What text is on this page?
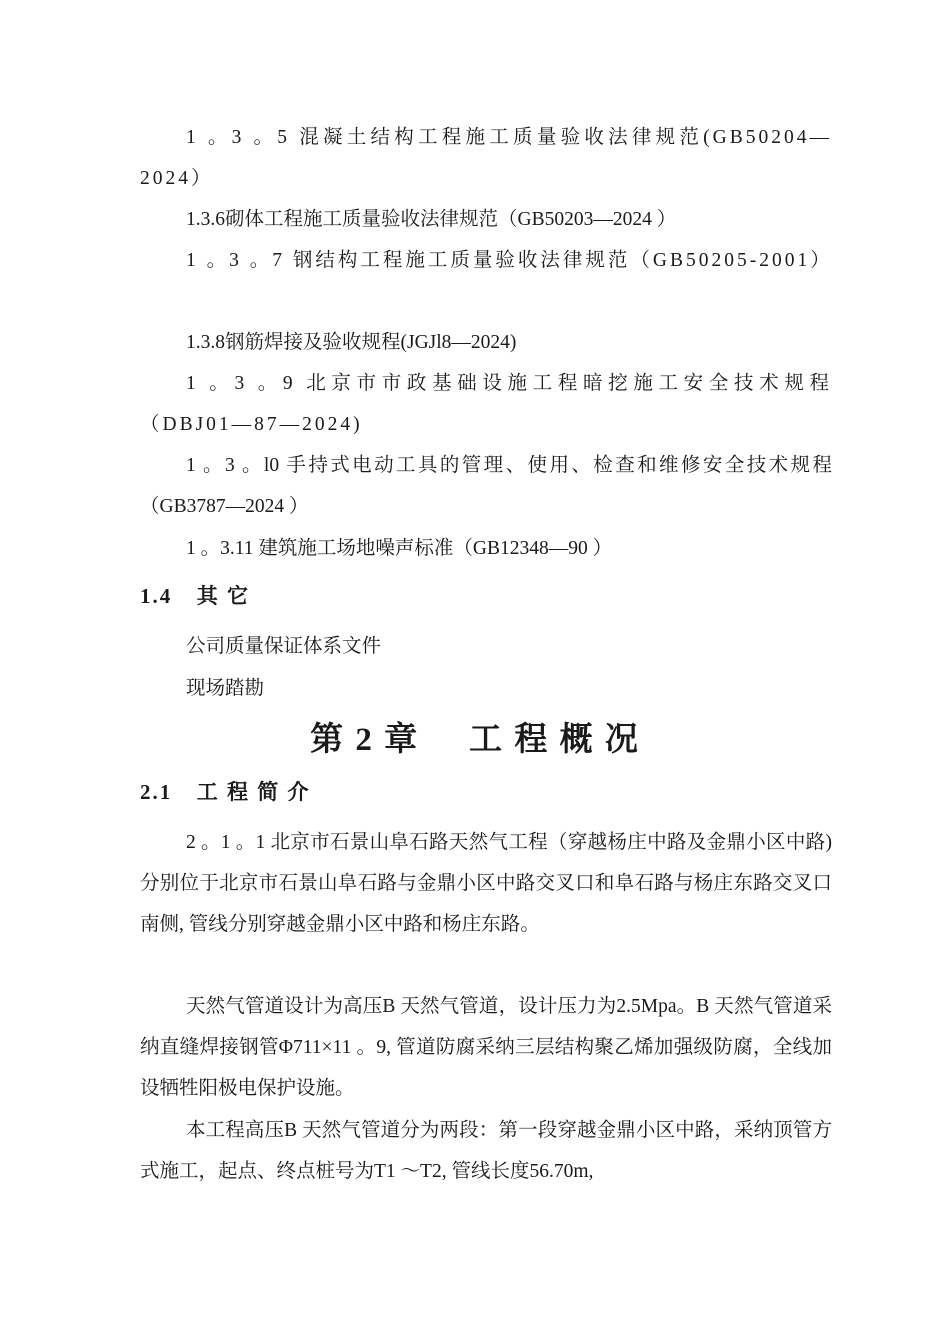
1 。3 。5 混凝土结构工程施工质量验收法律规范(GB50204—2024）

1.3.6砌体工程施工质量验收法律规范（GB50203—2024 ）

1 。3 。7 钢结构工程施工质量验收法律规范（GB50205-2001）

1.3.8钢筋焊接及验收规程(JGJl8—2024)

1 。3 。9 北京市市政基础设施工程暗挖施工安全技术规程（DBJ01—87—2024)

1 。3 。l0 手持式电动工具的管理、使用、检查和维修安全技术规程（GB3787—2024 ）

1 。3.11 建筑施工场地噪声标准（GB12348—90 ）

1.4 其 它

公司质量保证体系文件

现场踏勘

第 2 章 工 程 概 况
2.1 工 程 简 介

2 。1 。1 北京市石景山阜石路天然气工程（穿越杨庄中路及金鼎小区中路) 分别位于北京市石景山阜石路与金鼎小区中路交叉口和阜石路与杨庄东路交叉口南侧, 管线分别穿越金鼎小区中路和杨庄东路。

天然气管道设计为高压B 天然气管道，设计压力为2.5Mpa。B 天然气管道采纳直缝焊接钢管Φ711×11 。9, 管道防腐采纳三层结构聚乙烯加强级防腐，全线加设牺牲阳极电保护设施。

本工程高压B 天然气管道分为两段：第一段穿越金鼎小区中路，采纳顶管方式施工，起点、终点桩号为T1 ～T2, 管线长度56.70m,
